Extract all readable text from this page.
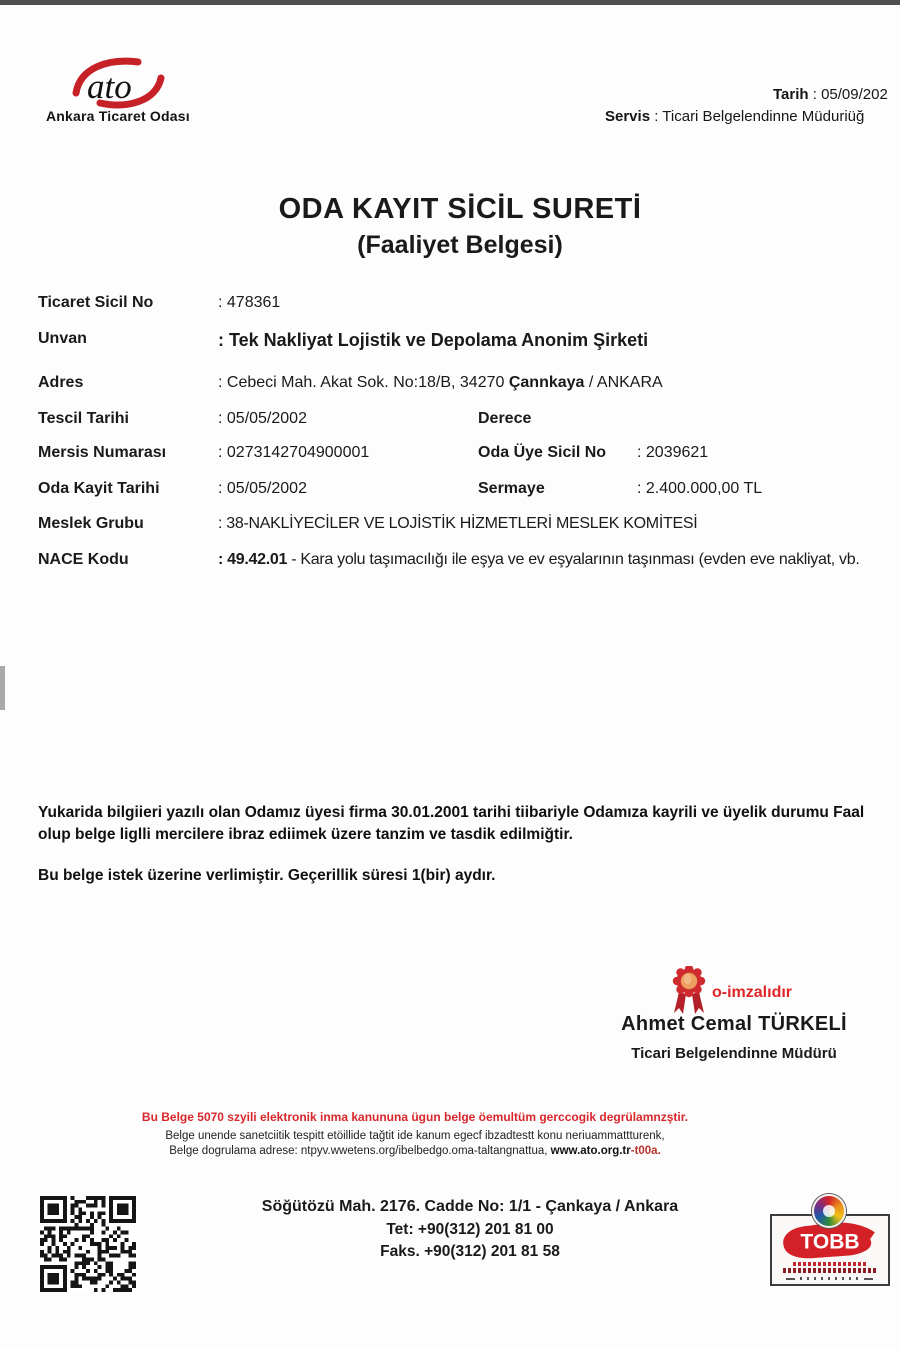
ato
Ankara Ticaret Odası
Tarih : 05/09/202
Servis : Ticari Belgelendinne Müduriüğ
ODA KAYIT SİCİL SURETİ
(Faaliyet Belgesi)
Ticaret Sicil No	: 478361
Unvan	: Tek Nakliyat Lojistik ve Depolama Anonim Şirketi
Adres	: Cebeci Mah. Akat Sok. No:18/B, 34270 Çannkaya / ANKARA
Tescil Tarihi	: 05/05/2002	Derece
Mersis Numarası	: 0273142704900001	Oda Üye Sicil No : 2039621
Oda Kayit Tarihi	: 05/05/2002	Sermaye	: 2.400.000,00 TL
Meslek Grubu	: 38-NAKLİYECİLER VE LOJİSTİK HİZMETLERİ MESLEK KOMİTESİ
NACE Kodu	: 49.42.01 - Kara yolu taşımacılığı ile eşya ve ev eşyalarının taşınması (evden eve nakliyat, vb.
Yukarida bilgiieri yazılı olan Odamız üyesi firma 30.01.2001 tarihi tiibariyle Odamıza kayrili ve üyelik durumu Faal olup belge liglli mercilere ibraz ediimek üzere tanzim ve tasdik edilmiğtir.
Bu belge istek üzerine verlimiştir. Geçerillik süresi 1(bir) aydır.
o-imzalıdır
Ahmet Cemal TÜRKELİ
Ticari Belgelendinne Müdürü
Bu Belge 5070 szyili elektronik inma kanununa ügun belge öemultüm gerccogik degrülamnzştir.
Belge unende sanetciitik tespitt etöillide tağtit ide kanum egecf ibzadtestt konu neriuammattturenk,
Belge dogrulama adrese: ntpyv.wwetens.org/ibelbedgo.oma-taltangnattua, www.ato.org.tr-t00a.
Söğütözü Mah. 2176. Cadde No: 1/1 - Çankaya / Ankara
Tet: +90(312) 201 81 00
Faks. +90(312) 201 81 58	TOBB
